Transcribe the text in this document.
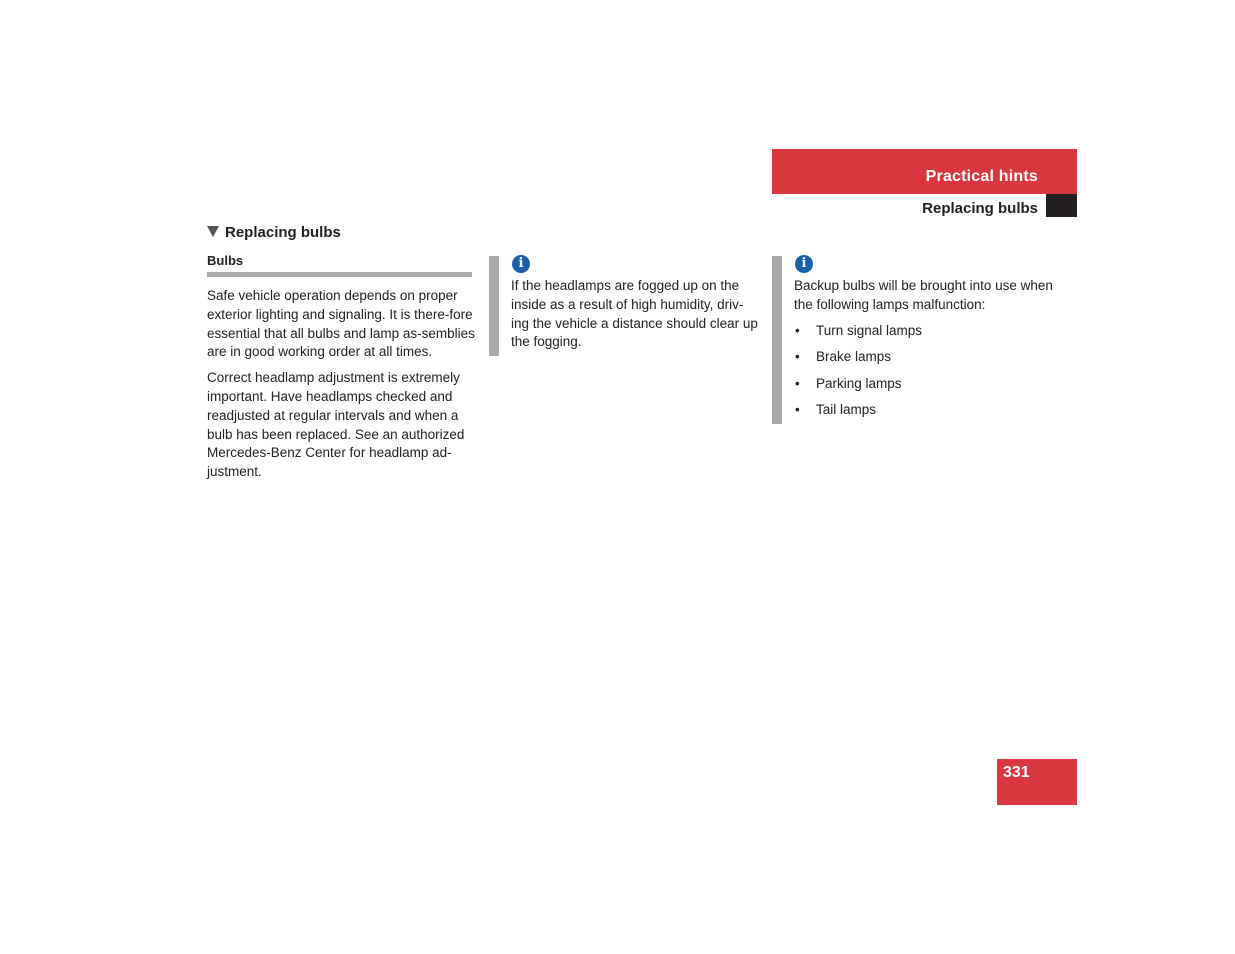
Practical hints
Replacing bulbs
Replacing bulbs
Bulbs

Safe vehicle operation depends on proper exterior lighting and signaling. It is there-fore essential that all bulbs and lamp as-semblies are in good working order at all times.

Correct headlamp adjustment is extremely important. Have headlamps checked and readjusted at regular intervals and when a bulb has been replaced. See an authorized Mercedes-Benz Center for headlamp ad-justment.

i

If the headlamps are fogged up on the inside as a result of high humidity, driv-ing the vehicle a distance should clear up the fogging.

i

Backup bulbs will be brought into use when the following lamps malfunction:

• Turn signal lamps
• Brake lamps
• Parking lamps
• Tail lamps
331
